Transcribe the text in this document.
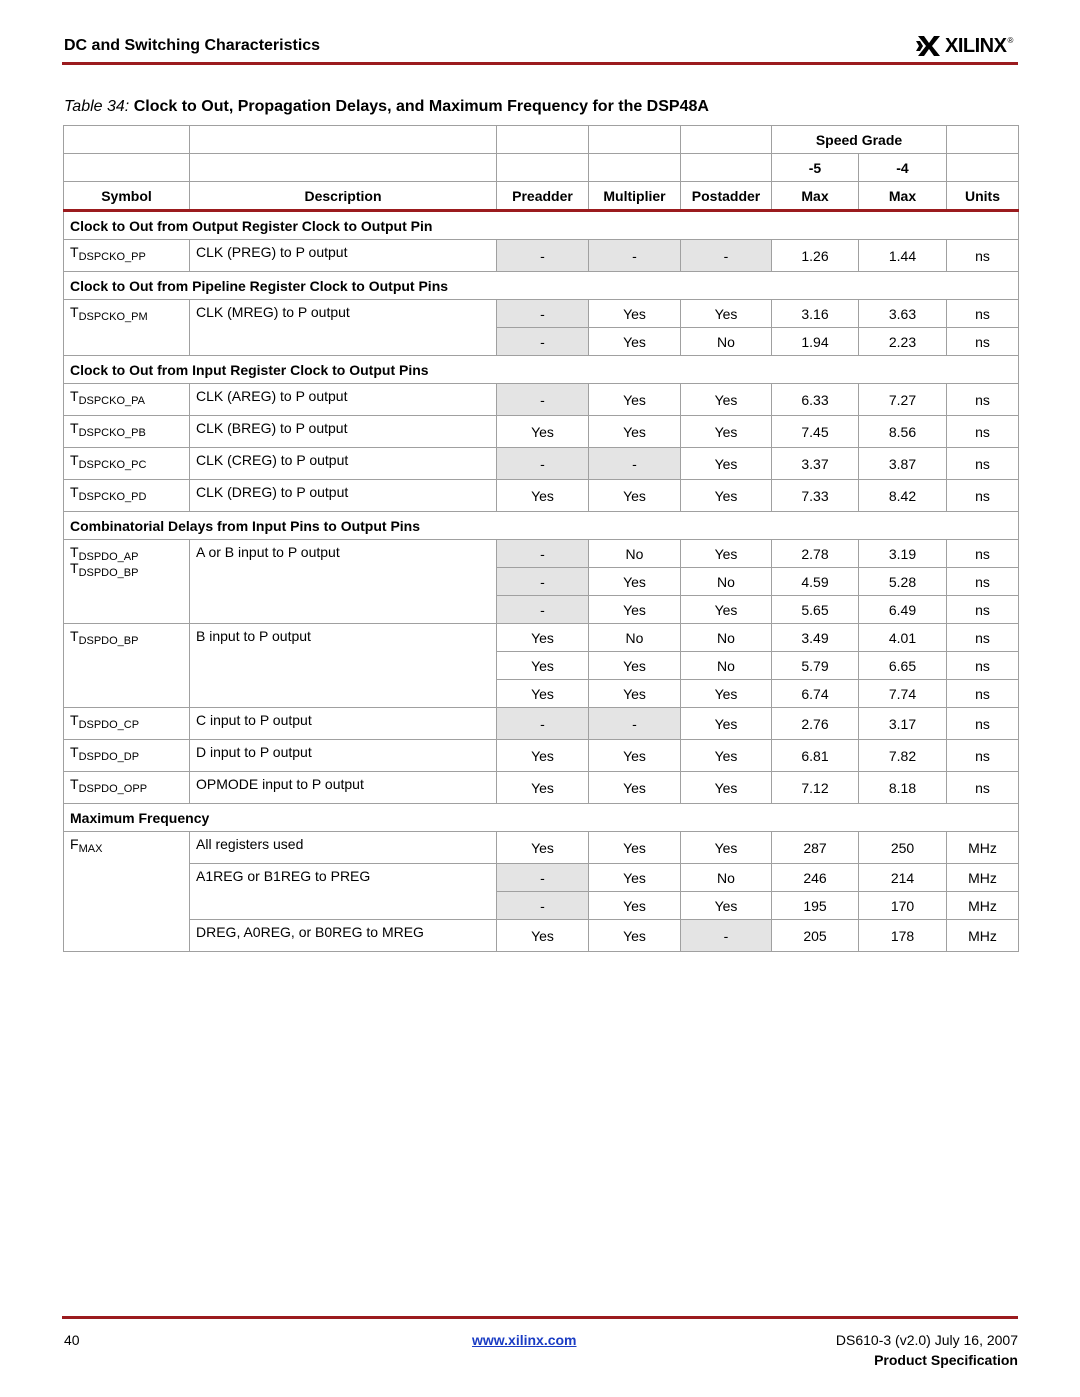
DC and Switching Characteristics	XILINX ®
Table 34: Clock to Out, Propagation Delays, and Maximum Frequency for the DSP48A
					Speed Grade		
					-5	-4	
Symbol	Description	Preadder	Multiplier	Postadder	Max	Max	Units
Clock to Out from Output Register Clock to Output Pin							
$T_{DSPCKO\_PP}$	CLK (PREG) to P output	-	-	-	1.26	1.44	ns
Clock to Out from Pipeline Register Clock to Output Pins							
$T_{DSPCKO\_PM}$	CLK (MREG) to P output	-	Yes	Yes	3.16	3.63	ns
		-	Yes	No	1.94	2.23	ns
Clock to Out from Input Register Clock to Output Pins							
$T_{DSPCKO\_PA}$	CLK (AREG) to P output	-	Yes	Yes	6.33	7.27	ns
$T_{DSPCKO\_PB}$	CLK (BREG) to P output	Yes	Yes	Yes	7.45	8.56	ns
$T_{DSPCKO\_PC}$	CLK (CREG) to P output	-	-	Yes	3.37	3.87	ns
$T_{DSPCKO\_PD}$	CLK (DREG) to P output	Yes	Yes	Yes	7.33	8.42	ns
Combinatorial Delays from Input Pins to Output Pins							
$T_{DSPDO\_AP}$
$T_{DSPDO\_BP}$	A or B input to P output	-	No	Yes	2.78	3.19	ns
		-	Yes	No	4.59	5.28	ns
		-	Yes	Yes	5.65	6.49	ns
$T_{DSPDO\_BP}$	B input to P output	Yes	No	No	3.49	4.01	ns
		Yes	Yes	No	5.79	6.65	ns
		Yes	Yes	Yes	6.74	7.74	ns
$T_{DSPDO\_CP}$	C input to P output	-	-	Yes	2.76	3.17	ns
$T_{DSPDO\_DP}$	D input to P output	Yes	Yes	Yes	6.81	7.82	ns
$T_{DSPDO\_OPP}$	OPMODE input to P output	Yes	Yes	Yes	7.12	8.18	ns
Maximum Frequency							
$F_{MAX}$	All registers used	Yes	Yes	Yes	287	250	MHz
	A1REG or B1REG to PREG	-	Yes	No	246	214	MHz
		-	Yes	Yes	195	170	MHz
	DREG, A0REG, or B0REG to MREG	Yes	Yes	-	205	178	MHz
40	www.xilinx.com	DS610-3 (v2.0) July 16, 2007
Product Specification
